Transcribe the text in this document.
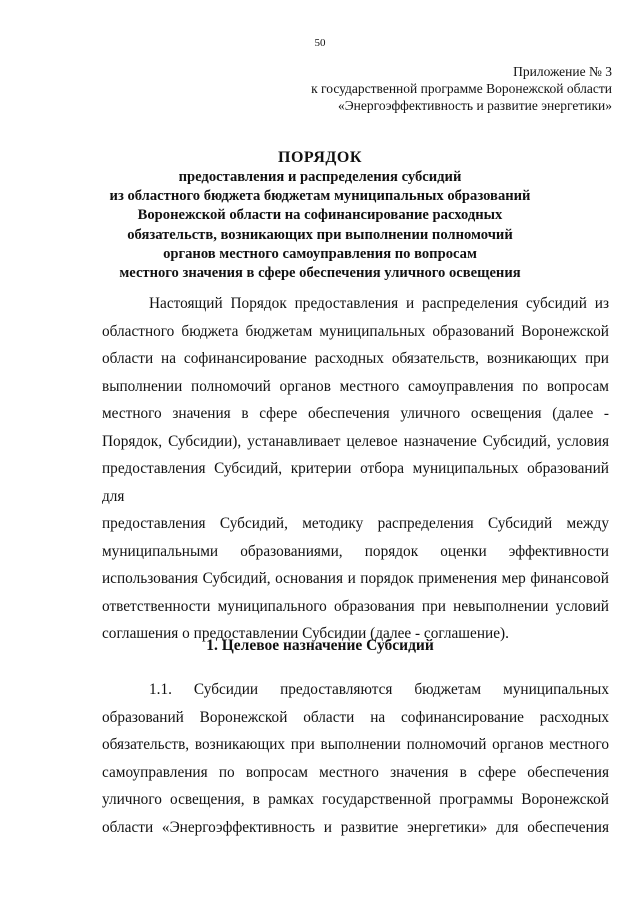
50
Приложение № 3
к государственной программе Воронежской области
«Энергоэффективность и развитие энергетики»
ПОРЯДОК
предоставления и распределения субсидий
из областного бюджета бюджетам муниципальных образований
Воронежской области на софинансирование расходных
обязательств, возникающих при выполнении полномочий
органов местного самоуправления по вопросам
местного значения в сфере обеспечения уличного освещения
Настоящий Порядок предоставления и распределения субсидий из
областного бюджета бюджетам муниципальных образований Воронежской
области на софинансирование расходных обязательств, возникающих при
выполнении полномочий органов местного самоуправления по вопросам
местного значения в сфере обеспечения уличного освещения (далее -
Порядок, Субсидии), устанавливает целевое назначение Субсидий, условия
предоставления Субсидий, критерии отбора муниципальных образований для
предоставления Субсидий, методику распределения Субсидий между
муниципальными образованиями, порядок оценки эффективности
использования Субсидий, основания и порядок применения мер финансовой
ответственности муниципального образования при невыполнении условий
соглашения о предоставлении Субсидии (далее - соглашение).
1. Целевое назначение Субсидий
1.1. Субсидии предоставляются бюджетам муниципальных
образований Воронежской области на софинансирование расходных
обязательств, возникающих при выполнении полномочий органов местного
самоуправления по вопросам местного значения в сфере обеспечения
уличного освещения, в рамках государственной программы Воронежской
области «Энергоэффективность и развитие энергетики» для обеспечения
